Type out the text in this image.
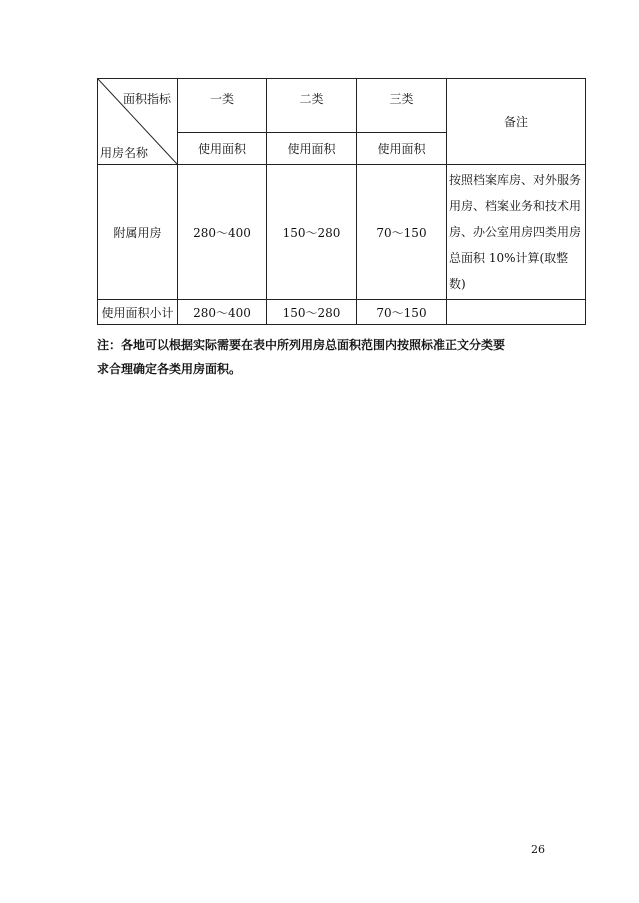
面积指标
用房名称	一类	二类	三类	备注
	使用面积	使用面积	使用面积	
附属用房	280～400	150～280	70～150	按照档案库房、对外服务
用房、档案业务和技术用
房、办公室用房四类用房
总面积 10%计算(取整
数)

使用面积小计	280～400	150～280	70～150	
注：各地可以根据实际需要在表中所列用房总面积范围内按照标准正文分类要
求合理确定各类用房面积。
26
